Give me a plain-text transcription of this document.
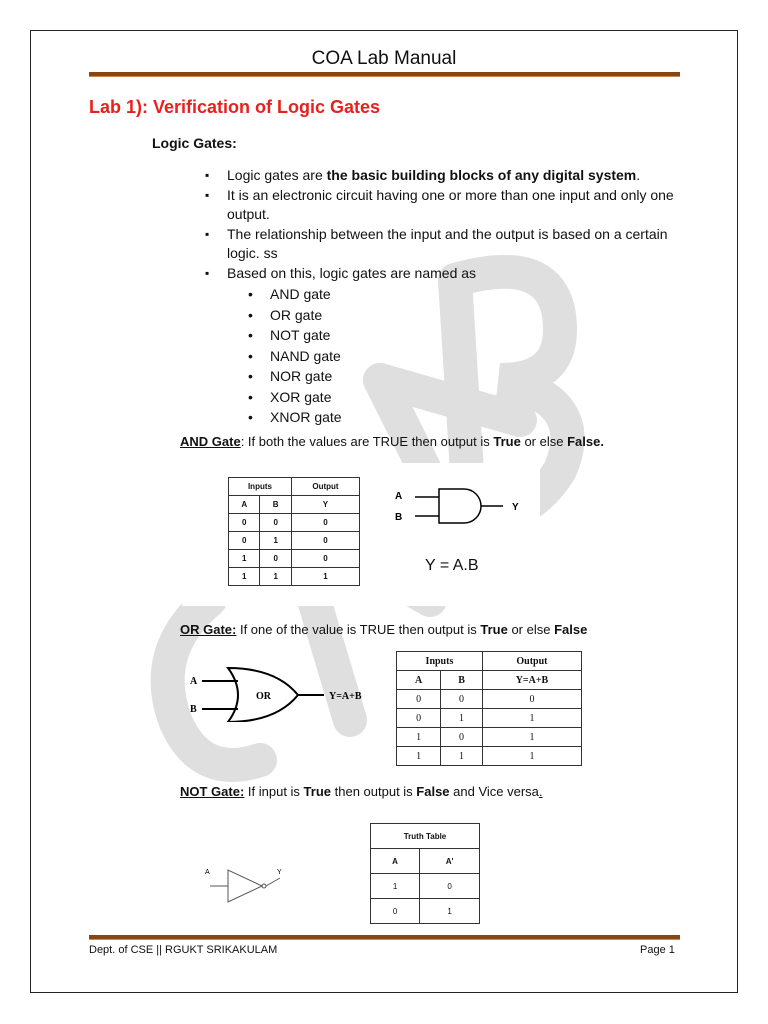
COA Lab Manual
Lab 1): Verification of Logic Gates
Logic Gates:
▪ Logic gates are the basic building blocks of any digital system.
▪ It is an electronic circuit having one or more than one input and only one output.
▪ The relationship between the input and the output is based on a certain logic. ss
▪ Based on this, logic gates are named as
• AND gate
• OR gate
• NOT gate
• NAND gate
• NOR gate
• XOR gate
• XNOR gate
AND Gate: If both the values are TRUE then output is True or else False.
Inputs		Output
A	B	Y
0	0	0
0	1	0
1	0	0
1	1	1
A
B
Y
Y = A.B
OR Gate: If one of the value is TRUE then output is True or else False
A
B
OR	Y=A+B
Inputs		Output
A	B	Y=A+B
0	0	0
0	1	1
1	0	1
1	1	1
NOT Gate: If input is True then output is False and Vice versa.
A	Y
Truth Table	
A	A'
1	0
0	1
Dept. of CSE || RGUKT SRIKAKULAM	Page 1
